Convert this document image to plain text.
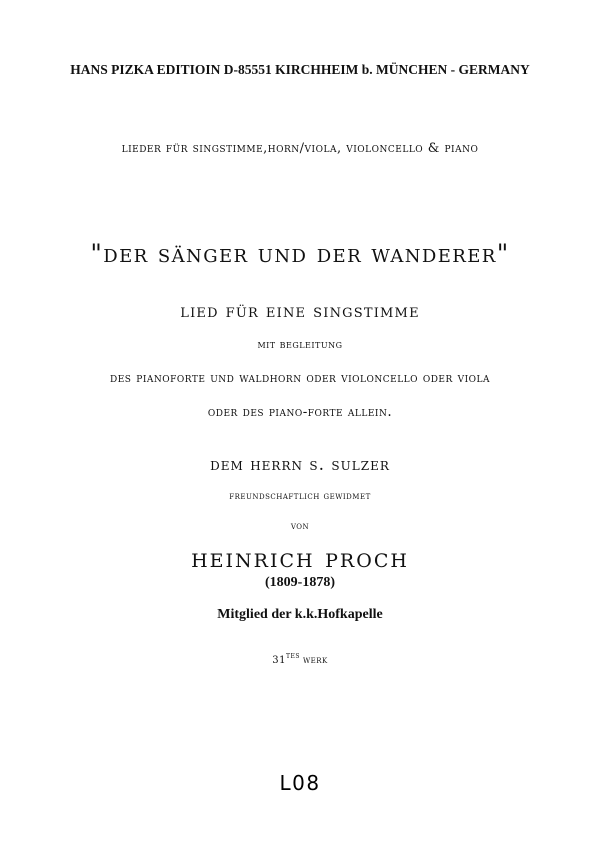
HANS PIZKA EDITIOIN D-85551 KIRCHHEIM b. MÜNCHEN - GERMANY
lieder für singstimme,horn/viola, violoncello & piano
"der sänger und der wanderer"
lied für eine singstimme
mit begleitung
des pianoforte und waldhorn oder violoncello oder viola
oder des piano-forte allein.
dem herrn s. sulzer
freundschaftlich gewidmet
von
heinrich proch
(1809-1878)
Mitglied der k.k.Hofkapelle
$31^{tes}$ werk
L08
